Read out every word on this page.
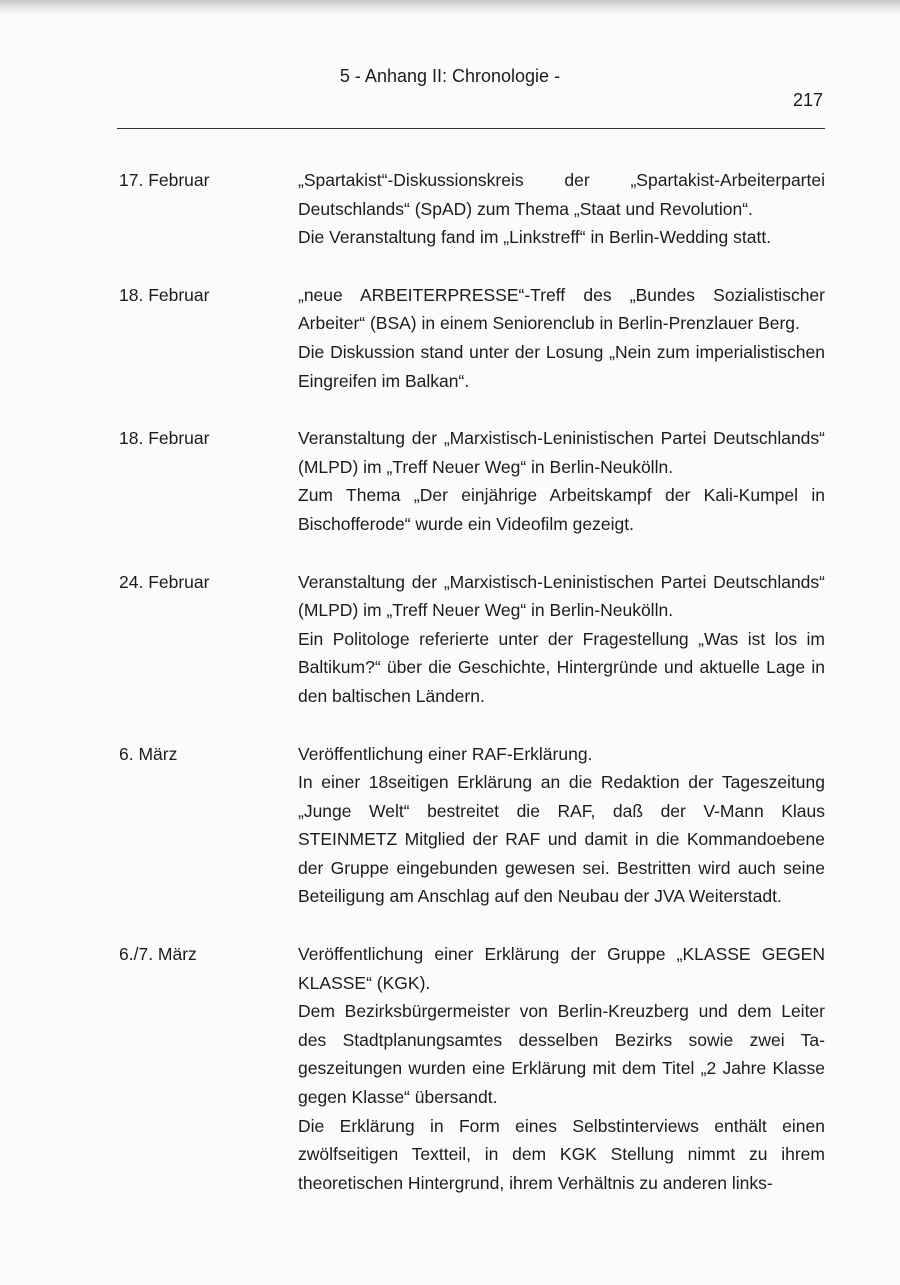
5 - Anhang II: Chronologie -
217
17. Februar	„Spartakist“-Diskussionskreis der „Spartakist-Arbeiterpartei Deutschlands“ (SpAD) zum Thema „Staat und Revolution“.

Die Veranstaltung fand im „Linkstreff“ in Berlin-Wedding statt.

18. Februar	„neue ARBEITERPRESSE“-Treff des „Bundes Sozialistischer Arbeiter“ (BSA) in einem Seniorenclub in Berlin-Prenzlauer Berg.

Die Diskussion stand unter der Losung „Nein zum imperialistischen Eingreifen im Balkan“.

18. Februar	Veranstaltung der „Marxistisch-Leninistischen Partei Deutschlands“ (MLPD) im „Treff Neuer Weg“ in Berlin-Neukölln.

Zum Thema „Der einjährige Arbeitskampf der Kali-Kumpel in Bischofferode“ wurde ein Videofilm gezeigt.

24. Februar	Veranstaltung der „Marxistisch-Leninistischen Partei Deutschlands“ (MLPD) im „Treff Neuer Weg“ in Berlin-Neukölln.

Ein Politologe referierte unter der Fragestellung „Was ist los im Baltikum?“ über die Geschichte, Hintergründe und aktuelle Lage in den baltischen Ländern.

6. März	Veröffentlichung einer RAF-Erklärung.

In einer 18seitigen Erklärung an die Redaktion der Tageszeitung „Junge Welt“ bestreitet die RAF, daß der V-Mann Klaus STEINMETZ Mitglied der RAF und damit in die Kommandoebene der Gruppe eingebunden gewesen sei. Bestritten wird auch seine Beteiligung am Anschlag auf den Neubau der JVA Weiterstadt.

6./7. März	Veröffentlichung einer Erklärung der Gruppe „KLASSE GEGEN KLASSE“ (KGK).

Dem Bezirksbürgermeister von Berlin-Kreuzberg und dem Leiter des Stadtplanungsamtes desselben Bezirks sowie zwei Tageszeitungen wurden eine Erklärung mit dem Titel „2 Jahre Klasse gegen Klasse“ übersandt.

Die Erklärung in Form eines Selbstinterviews enthält einen zwölfseitigen Textteil, in dem KGK Stellung nimmt zu ihrem theoretischen Hintergrund, ihrem Verhältnis zu anderen links-
